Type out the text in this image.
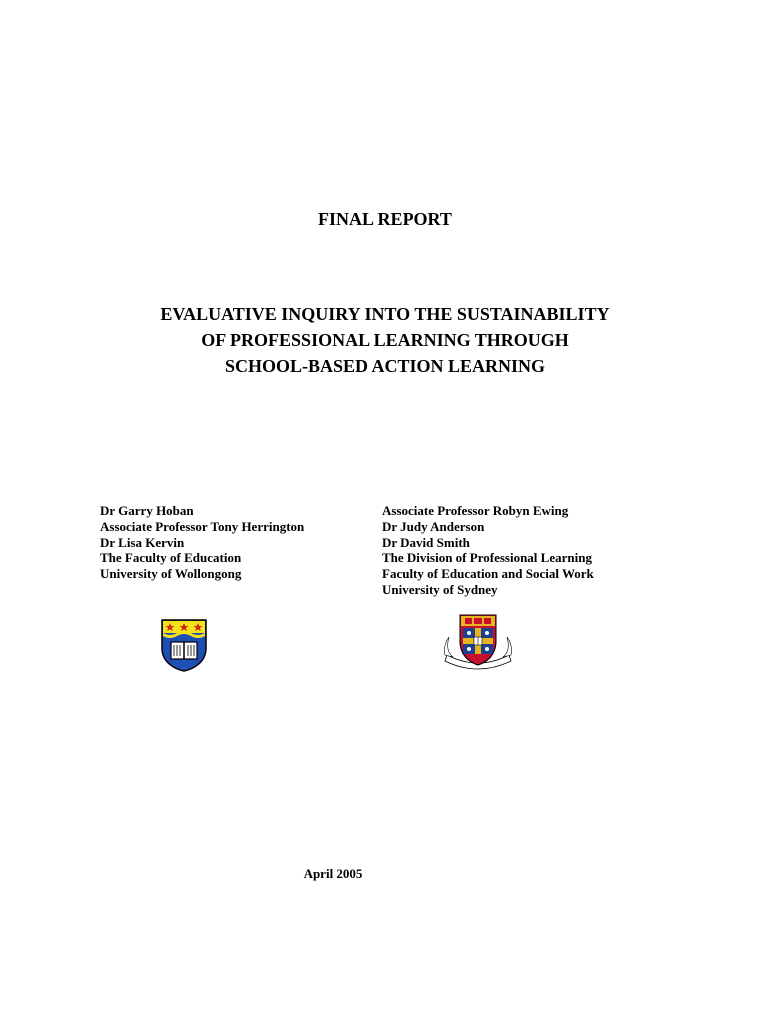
FINAL REPORT
EVALUATIVE INQUIRY INTO THE SUSTAINABILITY
OF PROFESSIONAL LEARNING THROUGH
SCHOOL-BASED ACTION LEARNING
Dr Garry Hoban
Associate Professor Tony Herrington
Dr Lisa Kervin
The Faculty of Education
University of Wollongong
Associate Professor Robyn Ewing
Dr Judy Anderson
Dr David Smith
The Division of Professional Learning
Faculty of Education and Social Work
University of Sydney

April 2005
